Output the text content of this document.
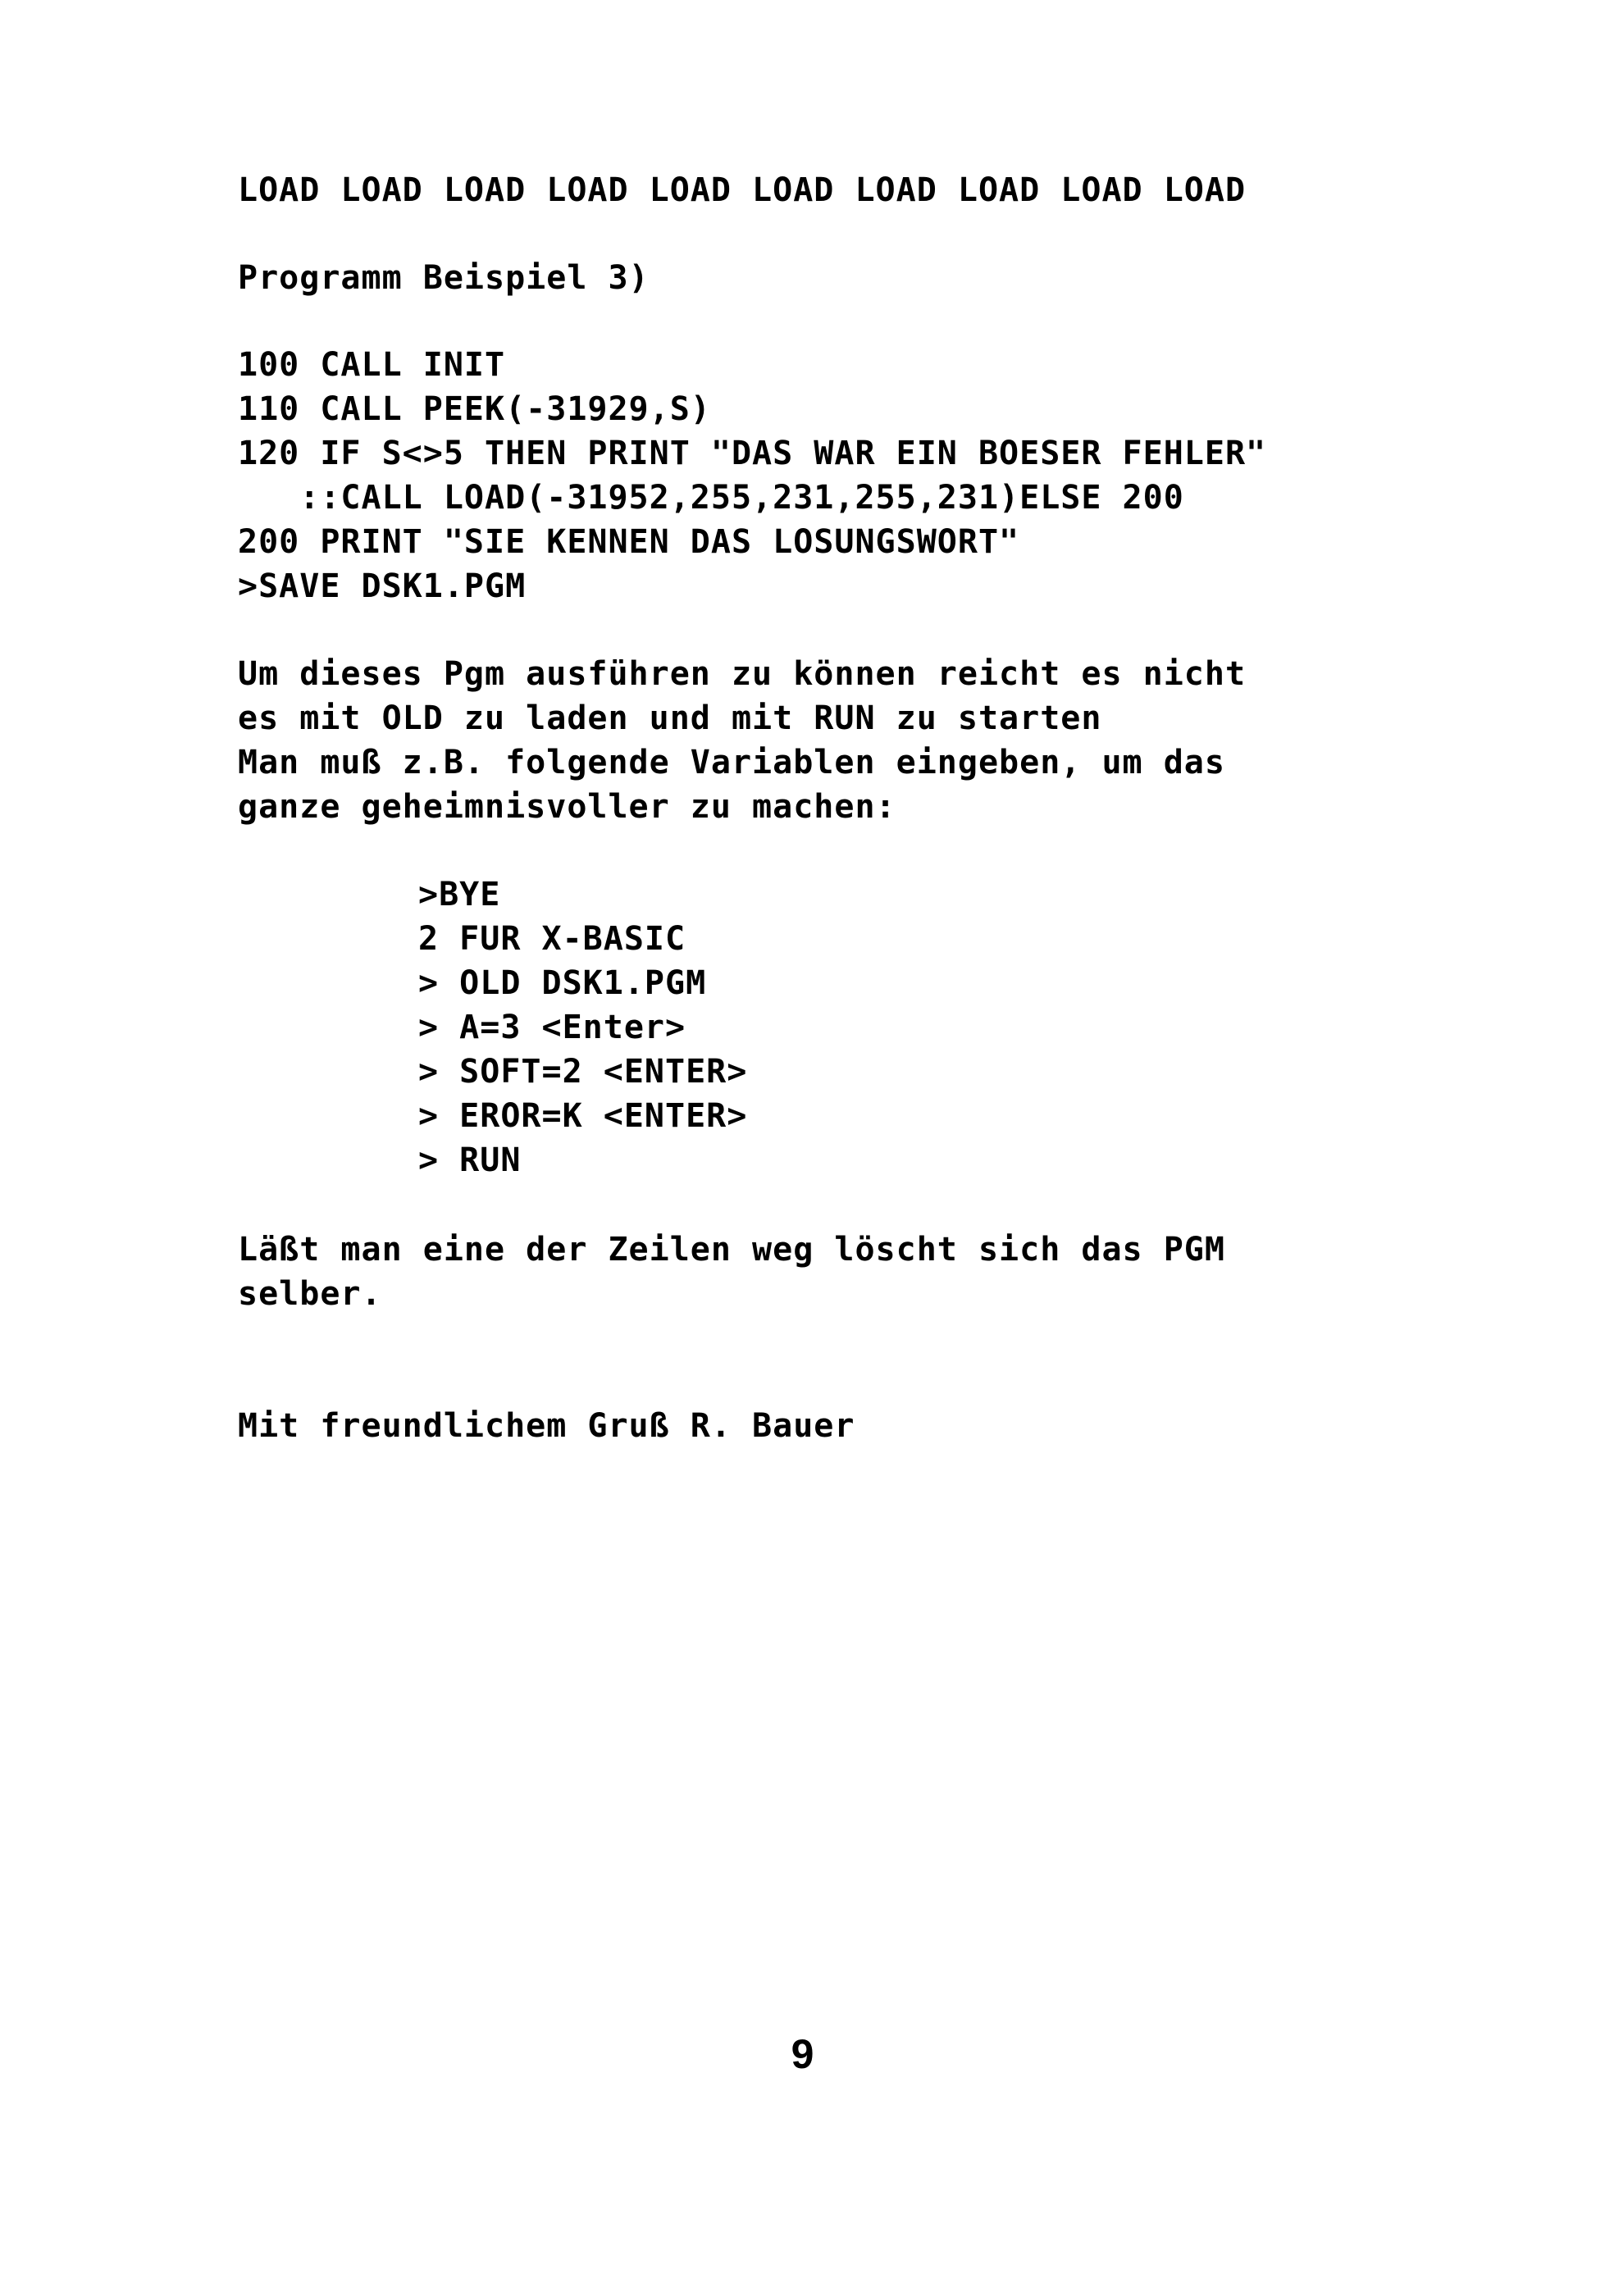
LOAD LOAD LOAD LOAD LOAD LOAD LOAD LOAD LOAD LOAD
Programm Beispiel 3)
100 CALL INIT
110 CALL PEEK(-31929,S)
120 IF S<>5 THEN PRINT "DAS WAR EIN BOESER FEHLER"
::CALL LOAD(-31952,255,231,255,231)ELSE 200
200 PRINT "SIE KENNEN DAS LOSUNGSWORT"
>SAVE DSK1.PGM
Um dieses Pgm ausführen zu können reicht es nicht
es mit OLD zu laden und mit RUN zu starten
Man muß z.B. folgende Variablen eingeben, um das
ganze geheimnisvoller zu machen:
>BYE
2 FUR X-BASIC
> OLD DSK1.PGM
> A=3 <Enter>
> SOFT=2 <ENTER>
> EROR=K <ENTER>
> RUN
Läßt man eine der Zeilen weg löscht sich das PGM
selber.
Mit freundlichem Gruß R. Bauer
9
